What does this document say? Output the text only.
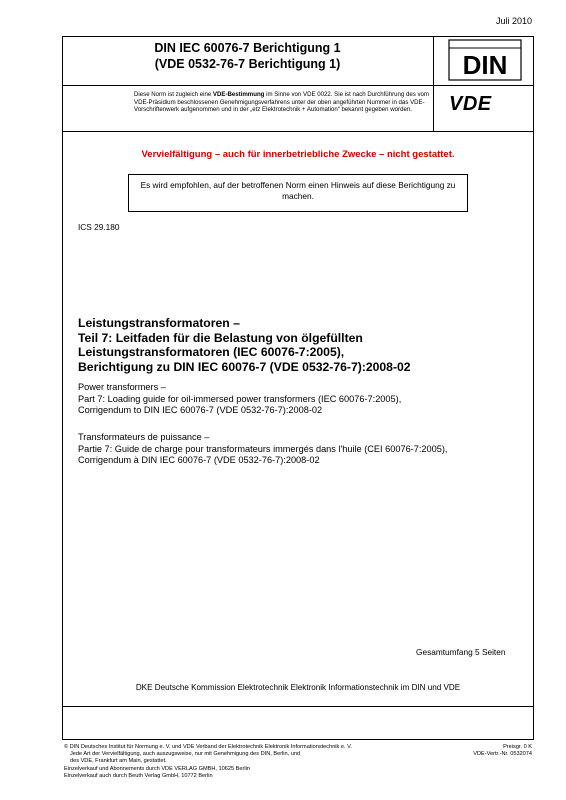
Juli 2010
DIN IEC 60076-7 Berichtigung 1
(VDE 0532-76-7 Berichtigung 1)	DIN
VDE
Diese Norm ist zugleich eine VDE-Bestimmung im Sinne von VDE 0022. Sie ist nach Durchführung des vom VDE-Präsidium beschlossenen Genehmigungsverfahrens unter der oben angeführten Nummer in das VDE-Vorschriftenwerk aufgenommen und in der „etz Elektrotechnik + Automation“ bekannt gegeben worden.
Vervielfältigung – auch für innerbetriebliche Zwecke – nicht gestattet.
Es wird empfohlen, auf der betroffenen Norm einen Hinweis auf diese Berichtigung zu machen.
ICS 29.180
Leistungstransformatoren –
Teil 7: Leitfaden für die Belastung von ölgefüllten
Leistungstransformatoren (IEC 60076-7:2005),
Berichtigung zu DIN IEC 60076-7 (VDE 0532-76-7):2008-02
Power transformers –
Part 7: Loading guide for oil-immersed power transformers (IEC 60076-7:2005),
Corrigendum to DIN IEC 60076-7 (VDE 0532-76-7):2008-02
Transformateurs de puissance –
Partie 7: Guide de charge pour transformateurs immergés dans l'huile (CEI 60076-7:2005),
Corrigendum à DIN IEC 60076-7 (VDE 0532-76-7):2008-02
Gesamtumfang 5 Seiten
DKE Deutsche Kommission Elektrotechnik Elektronik Informationstechnik im DIN und VDE
© DIN Deutsches Institut für Normung e. V. und VDE Verband der Elektrotechnik Elektronik Informationstechnik e. V.
Jede Art der Vervielfältigung, auch auszugsweise, nur mit Genehmigung des DIN, Berlin, und
des VDE, Frankfurt am Main, gestattet.
Einzelverkauf und Abonnements durch VDE VERLAG GMBH, 10625 Berlin
Einzelverkauf auch durch Beuth Verlag GmbH, 10772 Berlin
Preisgr. 0 K
VDE-Vertr.-Nr. 0532074
